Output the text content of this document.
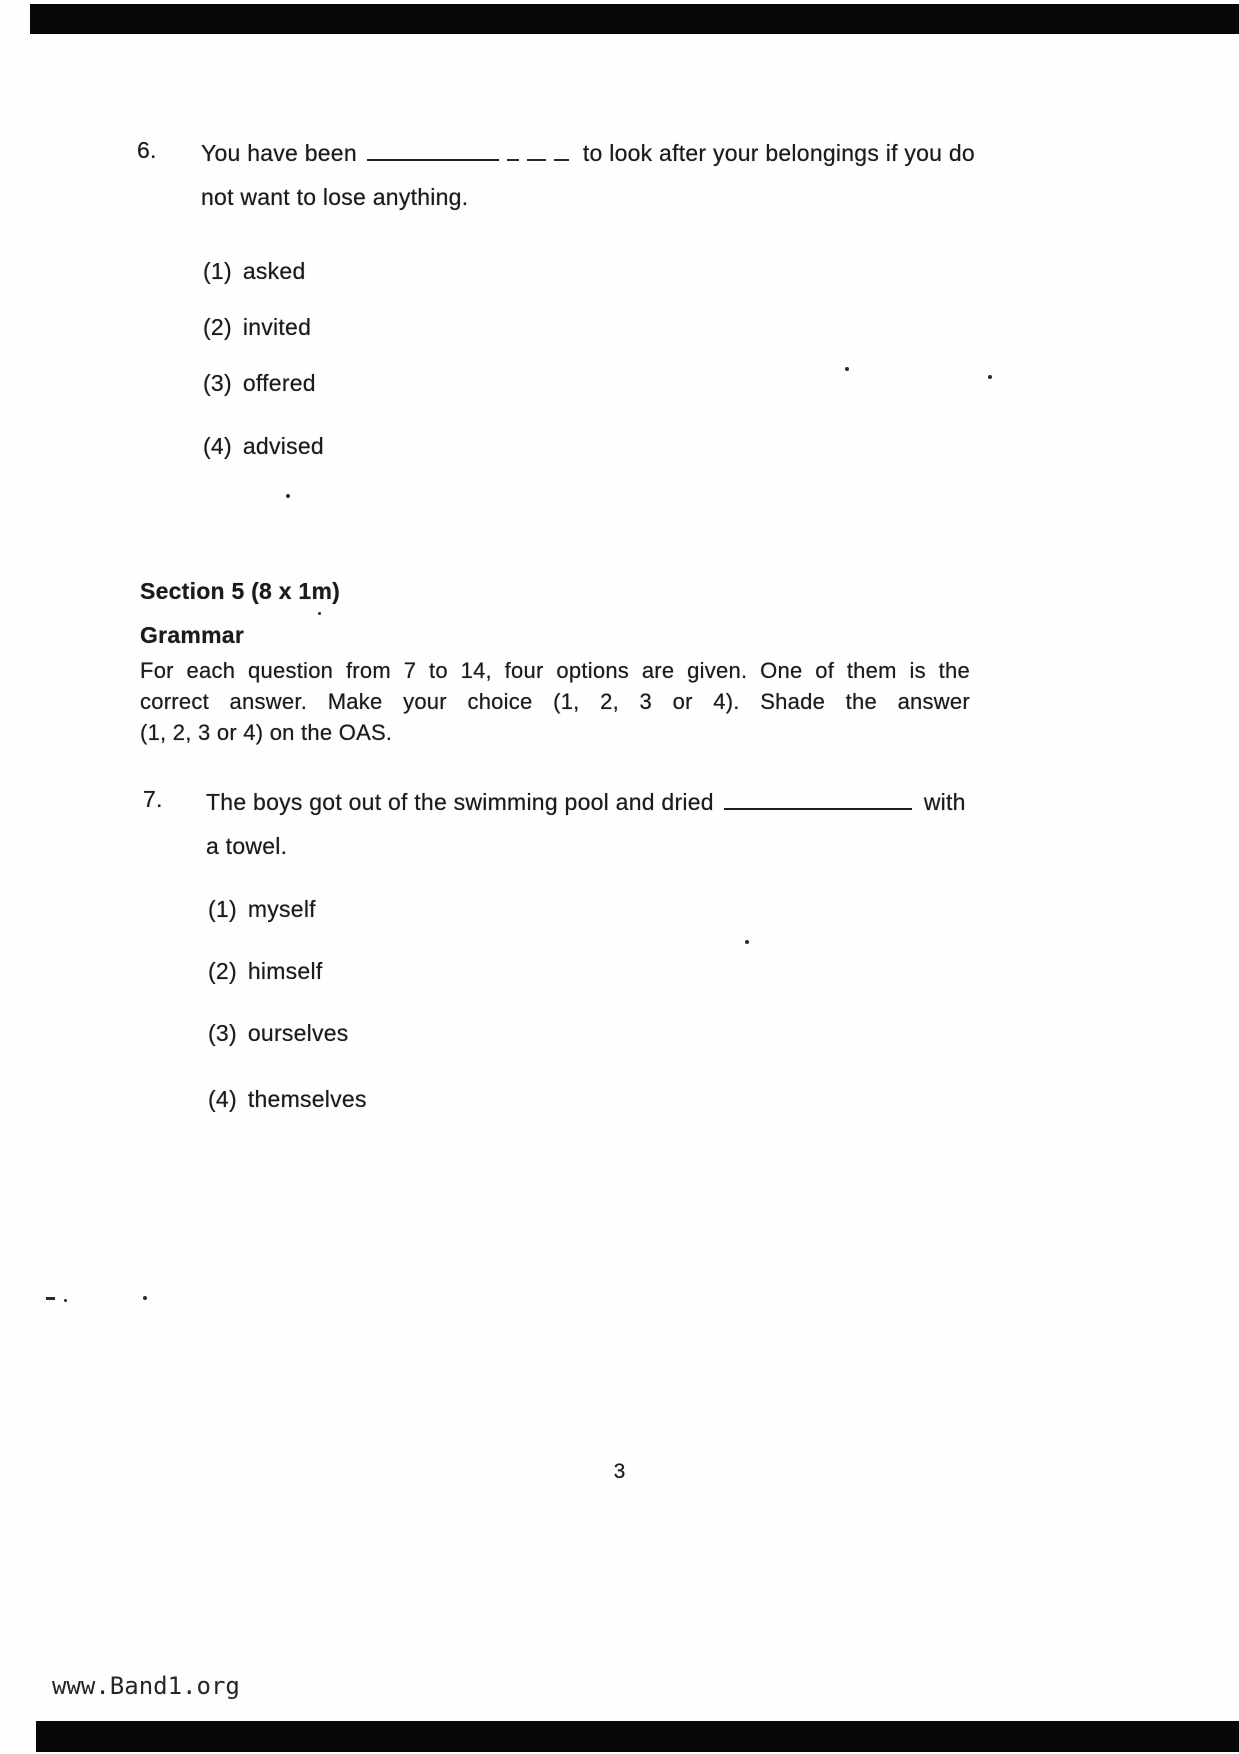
6. You have been	to look after your belongings if you do
not want to lose anything.
(1) asked
(2) invited
(3) offered
(4) advised
Section 5 (8 x 1m)
Grammar
For each question from 7 to 14, four options are given. One of them is the
correct answer. Make your choice (1, 2, 3 or 4). Shade the answer
(1, 2, 3 or 4) on the OAS.
7. The boys got out of the swimming pool and dried	with
a towel.
(1) myself
(2) himself
(3) ourselves
(4) themselves
3
www.Band1.org
